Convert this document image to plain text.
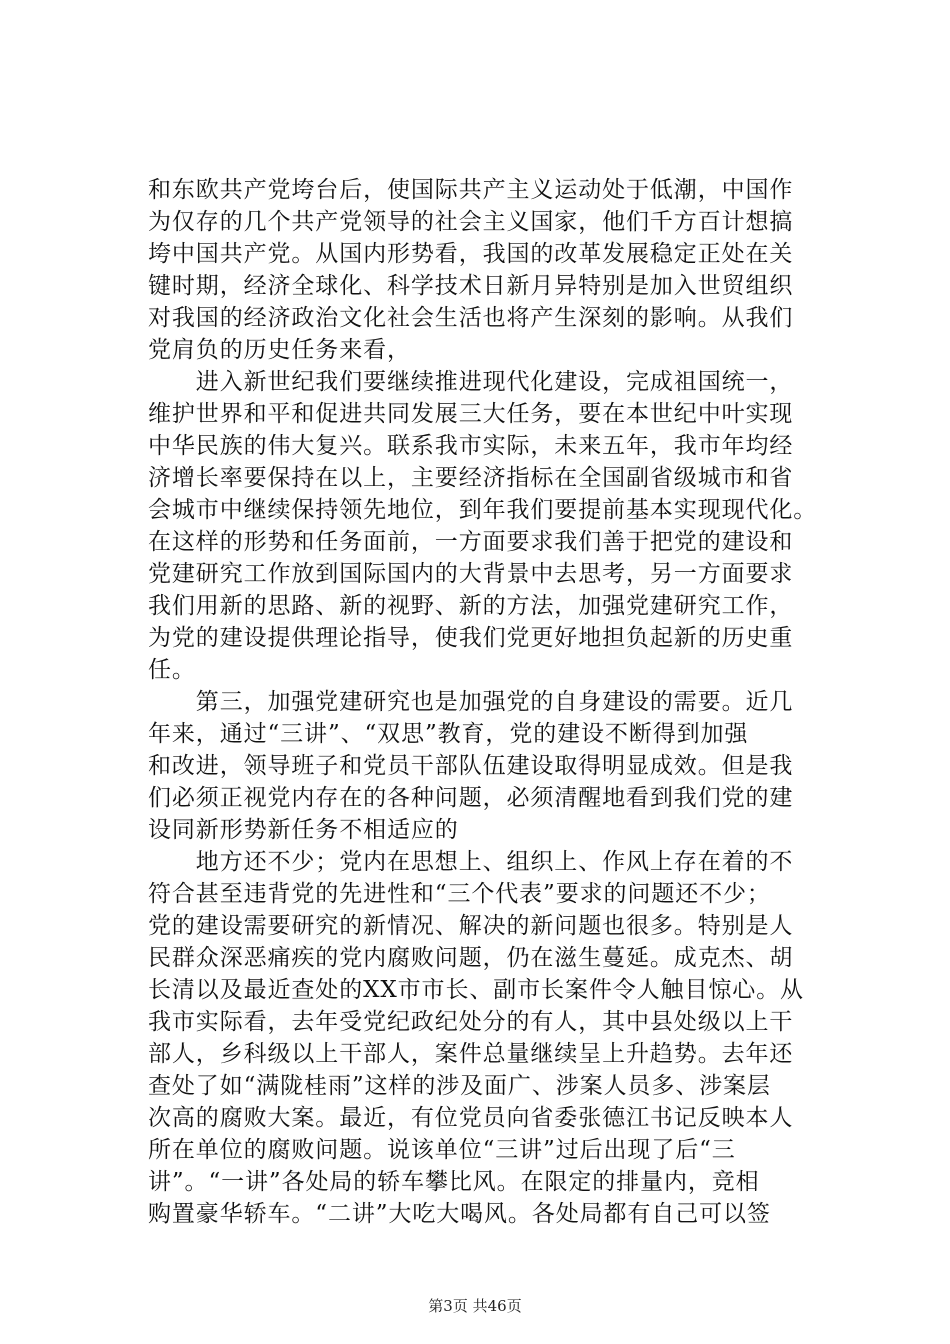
和东欧共产党垮台后，使国际共产主义运动处于低潮，中国作
为仅存的几个共产党领导的社会主义国家，他们千方百计想搞
垮中国共产党。从国内形势看，我国的改革发展稳定正处在关
键时期，经济全球化、科学技术日新月异特别是加入世贸组织
对我国的经济政治文化社会生活也将产生深刻的影响。从我们
党肩负的历史任务来看，
　　进入新世纪我们要继续推进现代化建设，完成祖国统一，
维护世界和平和促进共同发展三大任务，要在本世纪中叶实现
中华民族的伟大复兴。联系我市实际，未来五年，我市年均经
济增长率要保持在以上，主要经济指标在全国副省级城市和省
会城市中继续保持领先地位，到年我们要提前基本实现现代化。
在这样的形势和任务面前，一方面要求我们善于把党的建设和
党建研究工作放到国际国内的大背景中去思考，另一方面要求
我们用新的思路、新的视野、新的方法，加强党建研究工作，
为党的建设提供理论指导，使我们党更好地担负起新的历史重
任。
　　第三，加强党建研究也是加强党的自身建设的需要。近几
年来，通过“三讲”、“双思”教育，党的建设不断得到加强
和改进，领导班子和党员干部队伍建设取得明显成效。但是我
们必须正视党内存在的各种问题，必须清醒地看到我们党的建
设同新形势新任务不相适应的
　　地方还不少；党内在思想上、组织上、作风上存在着的不
符合甚至违背党的先进性和“三个代表”要求的问题还不少；
党的建设需要研究的新情况、解决的新问题也很多。特别是人
民群众深恶痛疾的党内腐败问题，仍在滋生蔓延。成克杰、胡
长清以及最近查处的XX市市长、副市长案件令人触目惊心。从
我市实际看，去年受党纪政纪处分的有人，其中县处级以上干
部人，乡科级以上干部人，案件总量继续呈上升趋势。去年还
查处了如“满陇桂雨”这样的涉及面广、涉案人员多、涉案层
次高的腐败大案。最近，有位党员向省委张德江书记反映本人
所在单位的腐败问题。说该单位“三讲”过后出现了后“三
讲”。“一讲”各处局的轿车攀比风。在限定的排量内，竞相
购置豪华轿车。“二讲”大吃大喝风。各处局都有自己可以签
第3页 共46页
